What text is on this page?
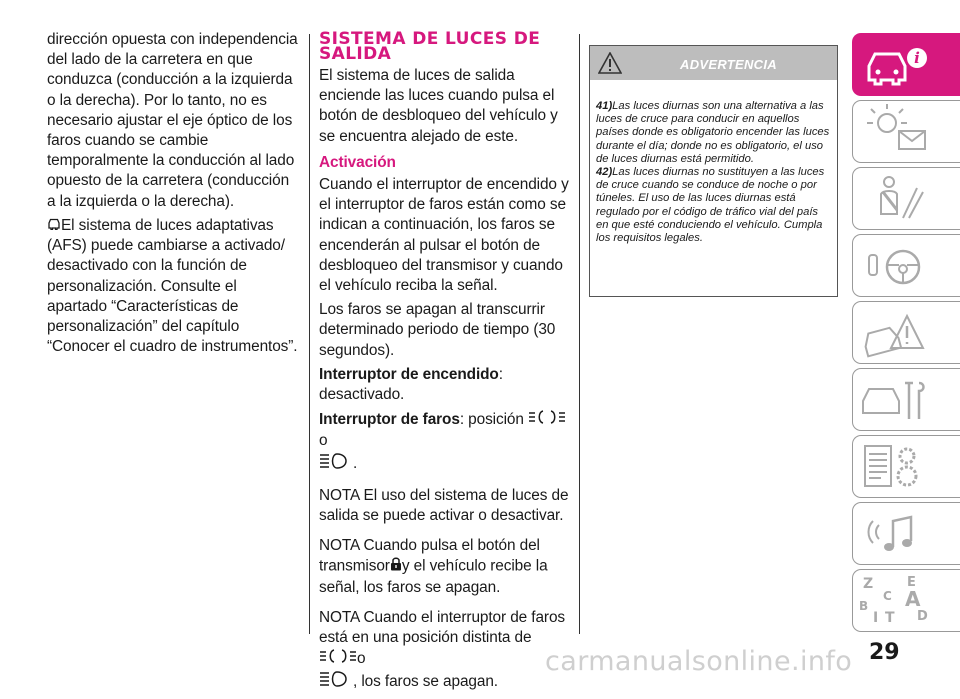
dirección opuesta con independencia del lado de la carretera en que conduzca (conducción a la izquierda o la derecha). Por lo tanto, no es necesario ajustar el eje óptico de los faros cuando se cambie temporalmente la conducción al lado opuesto de la carretera (conducción a la izquierda o la derecha).

El sistema de luces adaptativas (AFS) puede cambiarse a activado/ desactivado con la función de personalización. Consulte el apartado “Características de personalización” del capítulo “Conocer el cuadro de instrumentos”.

SISTEMA DE LUCES DE SALIDA

El sistema de luces de salida enciende las luces cuando pulsa el botón de desbloqueo del vehículo y se encuentra alejado de este.

Activación

Cuando el interruptor de encendido y el interruptor de faros están como se indican a continuación, los faros se encenderán al pulsar el botón de desbloqueo del transmisor y cuando el vehículo reciba la señal.

Los faros se apagan al transcurrir determinado periodo de tiempo (30 segundos).

Interruptor de encendido:
desactivado.

Interruptor de faros: posición o
.

NOTA El uso del sistema de luces de salida se puede activar o desactivar.

NOTA Cuando pulsa el botón del transmisor y el vehículo recibe la señal, los faros se apagan.

NOTA Cuando el interruptor de faros está en una posición distinta de o
, los faros se apagan.

ADVERTENCIA

41)Las luces diurnas son una alternativa a las luces de cruce para conducir en aquellos países donde es obligatorio encender las luces durante el día; donde no es obligatorio, el uso de luces diurnas está permitido.

42)Las luces diurnas no sustituyen a las luces de cruce cuando se conduce de noche o por túneles. El uso de las luces diurnas está regulado por el código de tráfico vial del país en que esté conduciendo el vehículo. Cumpla los requisitos legales.

i
Z	E
B
C A
I T D
29
carmanualsonline.info
